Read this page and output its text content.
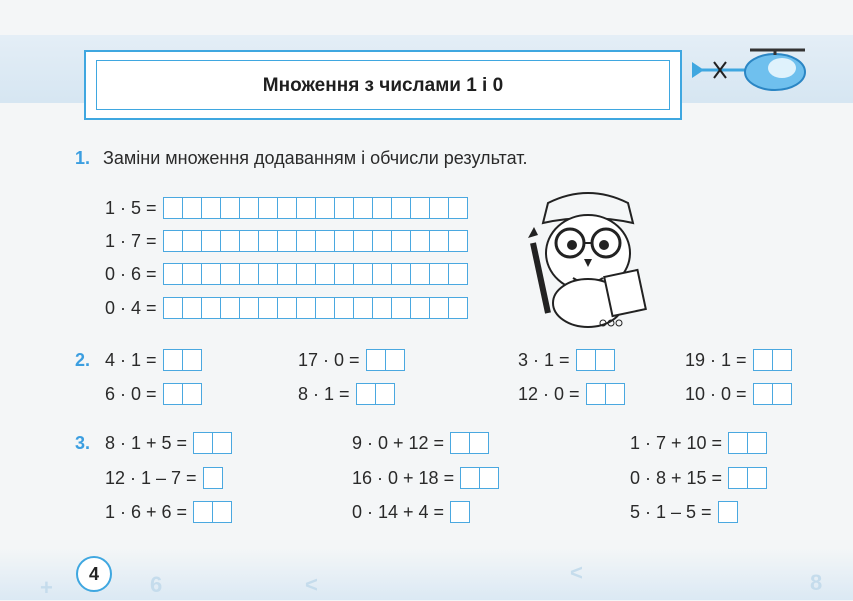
Множення з числами 1 і 0
1. Заміни множення додаванням і обчисли результат.
1 · 5 =
1 · 7 =
0 · 6 =
0 · 4 =
2. 4 · 1 =	17 · 0 =	3 · 1 =	19 · 1 =
6 · 0 =	8 · 1 =	12 · 0 =	10 · 0 =
3. 8 · 1 + 5 =	9 · 0 + 12 =	1 · 7 + 10 =
12 · 1 – 7 =	16 · 0 + 18 =	0 · 8 + 15 =
1 · 6 + 6 =	0 · 14 + 4 =	5 · 1 – 5 =
+	6	<	<	8
4
